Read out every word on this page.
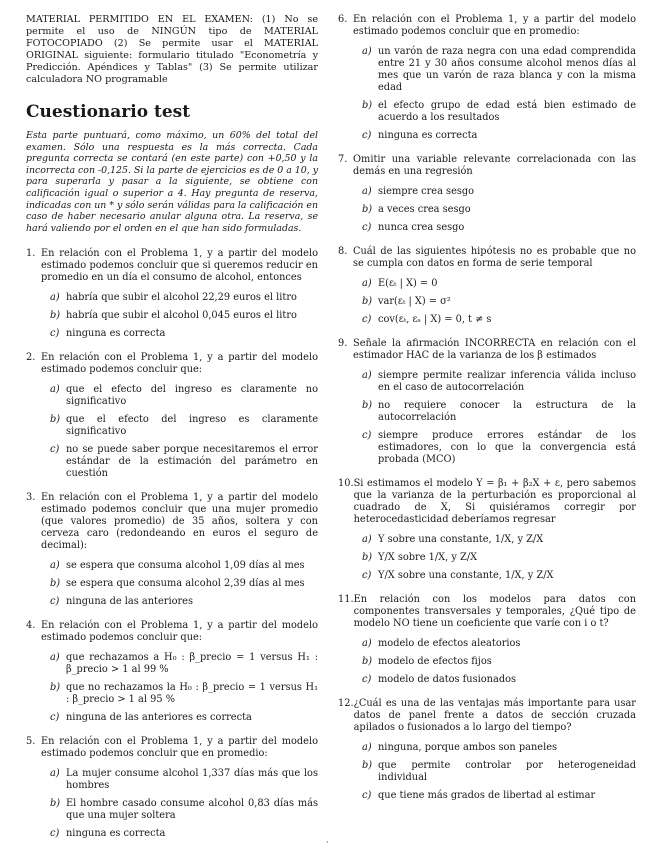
MATERIAL PERMITIDO EN EL EXAMEN: (1) No se permite el uso de NINGÚN tipo de MATERIAL FOTOCOPIADO (2) Se permite usar el MATERIAL ORIGINAL siguiente: formulario titulado "Econometría y Predicción. Apéndices y Tablas" (3) Se permite utilizar calculadora NO programable

Cuestionario test

Esta parte puntuará, como máximo, un 60% del total del examen. Sólo una respuesta es la más correcta. Cada pregunta correcta se contará (en este parte) con +0,50 y la incorrecta con -0,125. Si la parte de ejercicios es de 0 a 10, y para superarla y pasar a la siguiente, se obtiene con calificación igual o superior a 4. Hay pregunta de reserva, indicadas con un * y sólo serán válidas para la calificación en caso de haber necesario anular alguna otra. La reserva, se hará valiendo por el orden en el que han sido formuladas.

1. En relación con el Problema 1, y a partir del modelo estimado podemos concluir que si queremos reducir en promedio en un día el consumo de alcohol, entonces
a) habría que subir el alcohol 22,29 euros el litro
b) habría que subir el alcohol 0,045 euros el litro
c) ninguna es correcta
2. En relación con el Problema 1, y a partir del modelo estimado podemos concluir que:
a) que el efecto del ingreso es claramente no significativo
b) que el efecto del ingreso es claramente significativo
c) no se puede saber porque necesitaremos el error estándar de la estimación del parámetro en cuestión
3. En relación con el Problema 1, y a partir del modelo estimado podemos concluir que una mujer promedio (que valores promedio) de 35 años, soltera y con cerveza caro (redondeando en euros el seguro de decimal):
a) se espera que consuma alcohol 1,09 días al mes
b) se espera que consuma alcohol 2,39 días al mes
c) ninguna de las anteriores
4. En relación con el Problema 1, y a partir del modelo estimado podemos concluir que:
a) que rechazamos a H₀ : β_precio = 1 versus H₁ : β_precio > 1 al 99 %
b) que no rechazamos la H₀ : β_precio = 1 versus H₁ : β_precio > 1 al 95 %
c) ninguna de las anteriores es correcta
5. En relación con el Problema 1, y a partir del modelo estimado podemos concluir que en promedio:
a) La mujer consume alcohol 1,337 días más que los hombres
b) El hombre casado consume alcohol 0,83 días más que una mujer soltera
c) ninguna es correcta
6. En relación con el Problema 1, y a partir del modelo estimado podemos concluir que en promedio:
a) un varón de raza negra con una edad comprendida entre 21 y 30 años consume alcohol menos días al mes que un varón de raza blanca y con la misma edad
b) el efecto grupo de edad está bien estimado de acuerdo a los resultados
c) ninguna es correcta
7. Omitir una variable relevante correlacionada con las demás en una regresión
a) siempre crea sesgo
b) a veces crea sesgo
c) nunca crea sesgo
8. Cuál de las siguientes hipótesis no es probable que no se cumpla con datos en forma de serie temporal
a) E(εₜ | X) = 0
b) var(εₜ | X) = σ²
c) cov(εₜ, εₛ | X) = 0, t ≠ s
9. Señale la afirmación INCORRECTA en relación con el estimador HAC de la varianza de los β estimados
a) siempre permite realizar inferencia válida incluso en el caso de autocorrelación
b) no requiere conocer la estructura de la autocorrelación
c) siempre produce errores estándar de los estimadores, con lo que la convergencia está probada (MCO)
10. Si estimamos el modelo Y = β₁ + β₂X + ε, pero sabemos que la varianza de la perturbación es proporcional al cuadrado de X, Si quisiéramos corregir por heterocedasticidad deberíamos regresar
a) Y sobre una constante, 1/X, y Z/X
b) Y/X sobre 1/X, y Z/X
c) Y/X sobre una constante, 1/X, y Z/X
11. En relación con los modelos para datos con componentes transversales y temporales, ¿Qué tipo de modelo NO tiene un coeficiente que varíe con i o t?
a) modelo de efectos aleatorios
b) modelo de efectos fijos
c) modelo de datos fusionados
12. ¿Cuál es una de las ventajas más importante para usar datos de panel frente a datos de sección cruzada apilados o fusionados a lo largo del tiempo?
a) ninguna, porque ambos son paneles
b) que permite controlar por heterogeneidad individual
c) que tiene más grados de libertad al estimar
·
